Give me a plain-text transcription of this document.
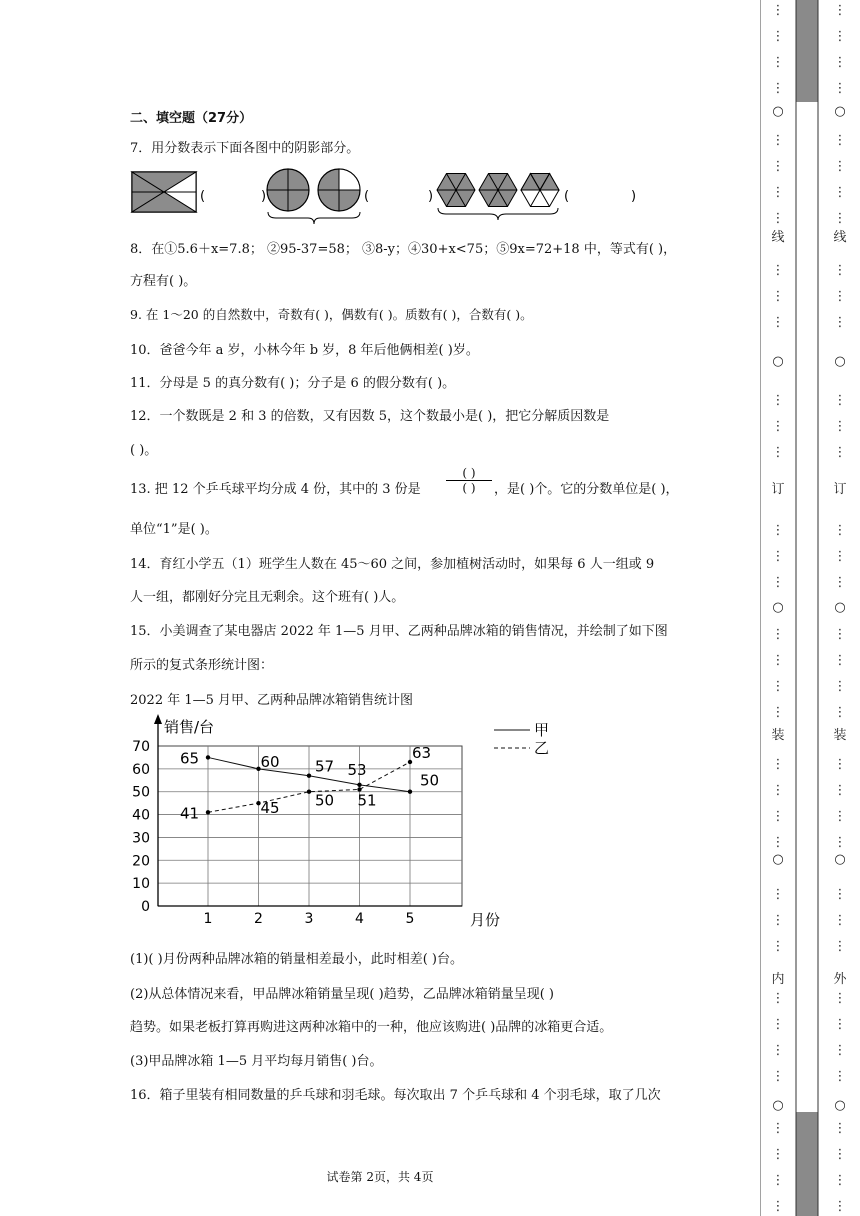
二、填空题（27分）
7．用分数表示下面各图中的阴影部分。
(	)	(	)	(	)
8．在①5.6＋x=7.8； ②95-37=58； ③8-y；④30+x<75；⑤9x=72+18 中，等式有( )，
方程有( )。
9. 在 1～20 的自然数中，奇数有( )，偶数有( )。质数有( )，合数有( )。
10．爸爸今年 a 岁，小林今年 b 岁，8 年后他俩相差( )岁。
11．分母是 5 的真分数有( )；分子是 6 的假分数有( )。
12．一个数既是 2 和 3 的倍数，又有因数 5，这个数最小是( )，把它分解质因数是
( )。
13. 把 12 个乒乓球平均分成 4 份，其中的 3 份是
( )
( )	，是( )个。它的分数单位是( )，
单位“1”是( )。
14．育红小学五（1）班学生人数在 45～60 之间，参加植树活动时，如果每 6 人一组或 9
人一组，都刚好分完且无剩余。这个班有( )人。
15．小美调查了某电器店 2022 年 1—5 月甲、乙两种品牌冰箱的销售情况，并绘制了如下图
所示的复式条形统计图：
2022 年 1—5 月甲、乙两种品牌冰箱销售统计图
0
10
20
30
40
50
60
70
1	2	3	4	5
销售/台
月份
65	60 57 53
50
41	45 50 51
63
甲
乙
(1)( )月份两种品牌冰箱的销量相差最小，此时相差( )台。
(2)从总体情况来看，甲品牌冰箱销量呈现( )趋势，乙品牌冰箱销量呈现( )
趋势。如果老板打算再购进这两种冰箱中的一种，他应该购进( )品牌的冰箱更合适。
(3)甲品牌冰箱 1—5 月平均每月销售( )台。
16．箱子里装有相同数量的乒乓球和羽毛球。每次取出 7 个乒乓球和 4 个羽毛球，取了几次
试卷第 2页，共 4页
⋮
⋮
⋮
⋮
⋮
⋮
⋮
⋮
⋮
⋮
⋮
⋮
⋮
⋮
⋮
⋮
⋮
⋮
⋮
⋮
⋮
⋮
⋮
⋮
⋮
⋮
⋮
⋮
⋮
⋮
⋮
⋮
⋮
⋮
⋮
⋮
○
○
○
○
○
线
订
装
内
⋮
⋮
⋮
⋮
⋮
⋮
⋮
⋮
⋮
⋮
⋮
⋮
⋮
⋮
⋮
⋮
⋮
⋮
⋮
⋮
⋮
⋮
⋮
⋮
⋮
⋮
⋮
⋮
⋮
⋮
⋮
⋮
⋮
⋮
⋮
⋮
○
○
○
○
○
线
订
装
外
